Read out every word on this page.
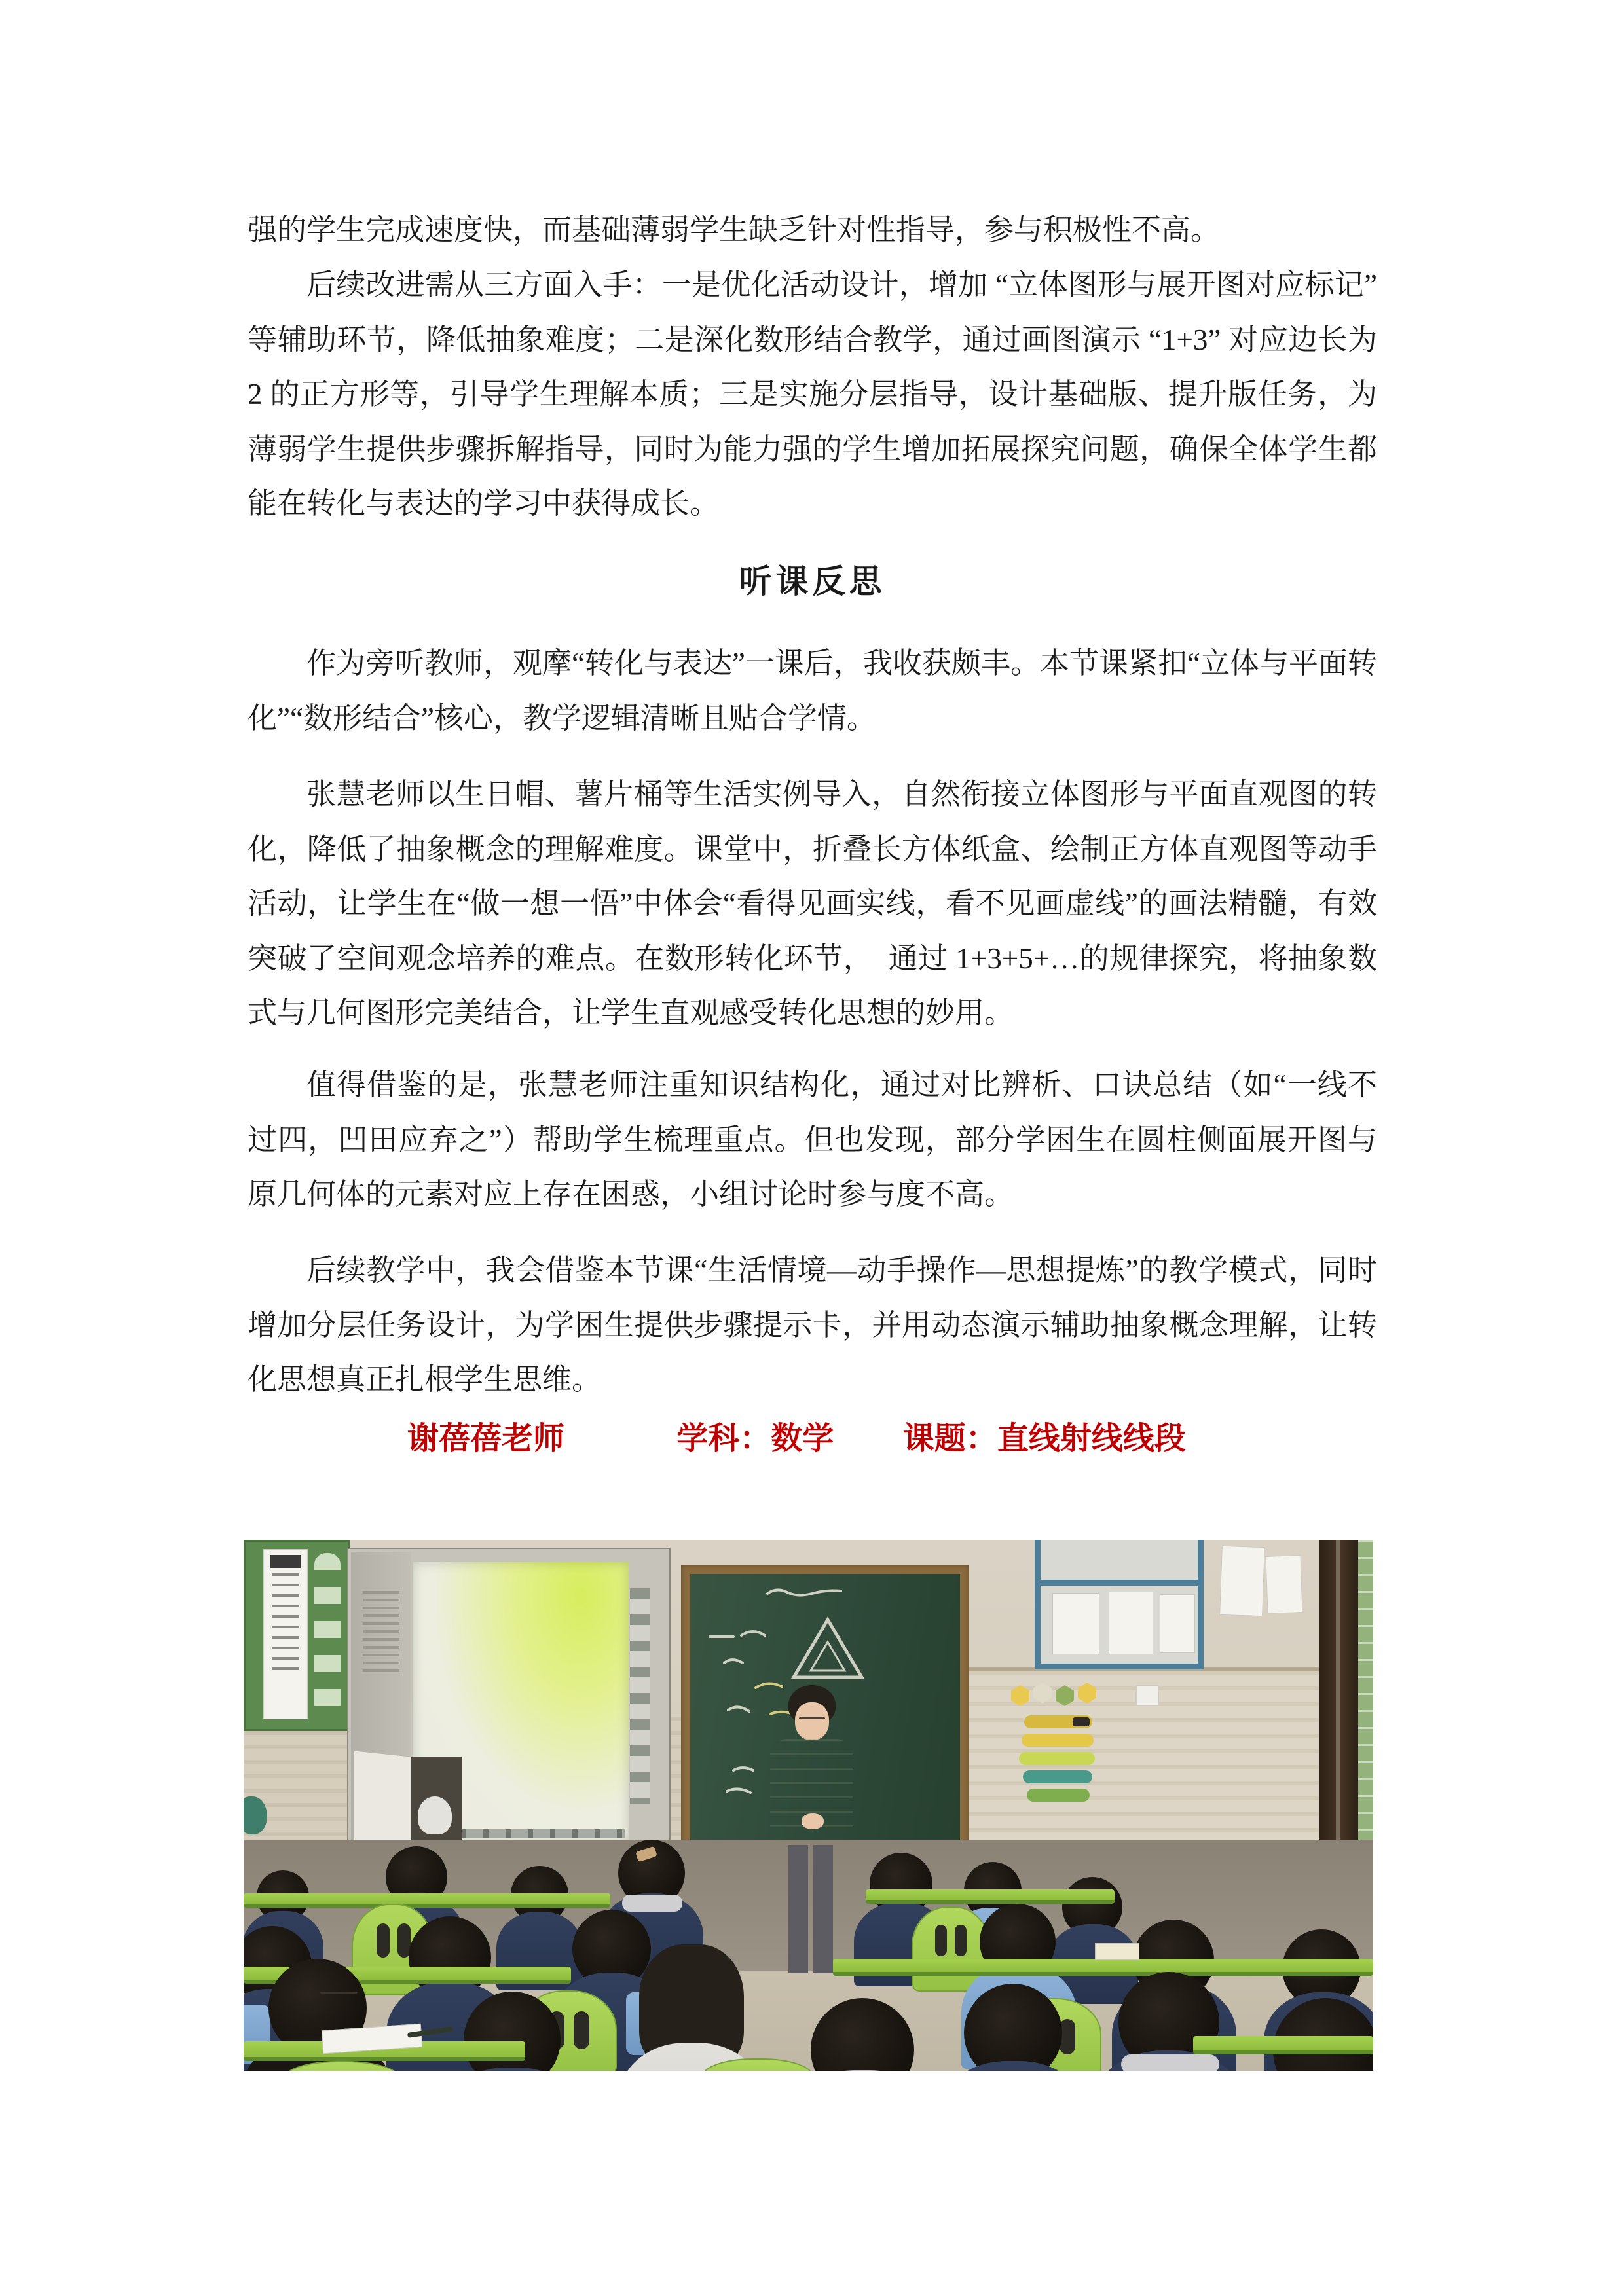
强的学生完成速度快，而基础薄弱学生缺乏针对性指导，参与积极性不高。
后续改进需从三方面入手：一是优化活动设计，增加 “立体图形与展开图对应标记” 等辅助环节，降低抽象难度；二是深化数形结合教学，通过画图演示 “1+3” 对应边长为 2 的正方形等，引导学生理解本质；三是实施分层指导，设计基础版、提升版任务，为薄弱学生提供步骤拆解指导，同时为能力强的学生增加拓展探究问题，确保全体学生都能在转化与表达的学习中获得成长。
听课反思
作为旁听教师，观摩“转化与表达”一课后，我收获颇丰。本节课紧扣“立体与平面转化”“数形结合”核心，教学逻辑清晰且贴合学情。
张慧老师以生日帽、薯片桶等生活实例导入，自然衔接立体图形与平面直观图的转化，降低了抽象概念的理解难度。课堂中，折叠长方体纸盒、绘制正方体直观图等动手活动，让学生在“做一想一悟”中体会“看得见画实线，看不见画虚线”的画法精髓，有效突破了空间观念培养的难点。在数形转化环节，  通过 1+3+5+…的规律探究，将抽象数式与几何图形完美结合，让学生直观感受转化思想的妙用。
值得借鉴的是，张慧老师注重知识结构化，通过对比辨析、口诀总结（如“一线不过四，凹田应弃之”）帮助学生梳理重点。但也发现，部分学困生在圆柱侧面展开图与原几何体的元素对应上存在困惑，小组讨论时参与度不高。
后续教学中，我会借鉴本节课“生活情境—动手操作—思想提炼”的教学模式，同时增加分层任务设计，为学困生提供步骤提示卡，并用动态演示辅助抽象概念理解，让转化思想真正扎根学生思维。
谢蓓蓓老师	学科：数学 课题：直线射线线段
